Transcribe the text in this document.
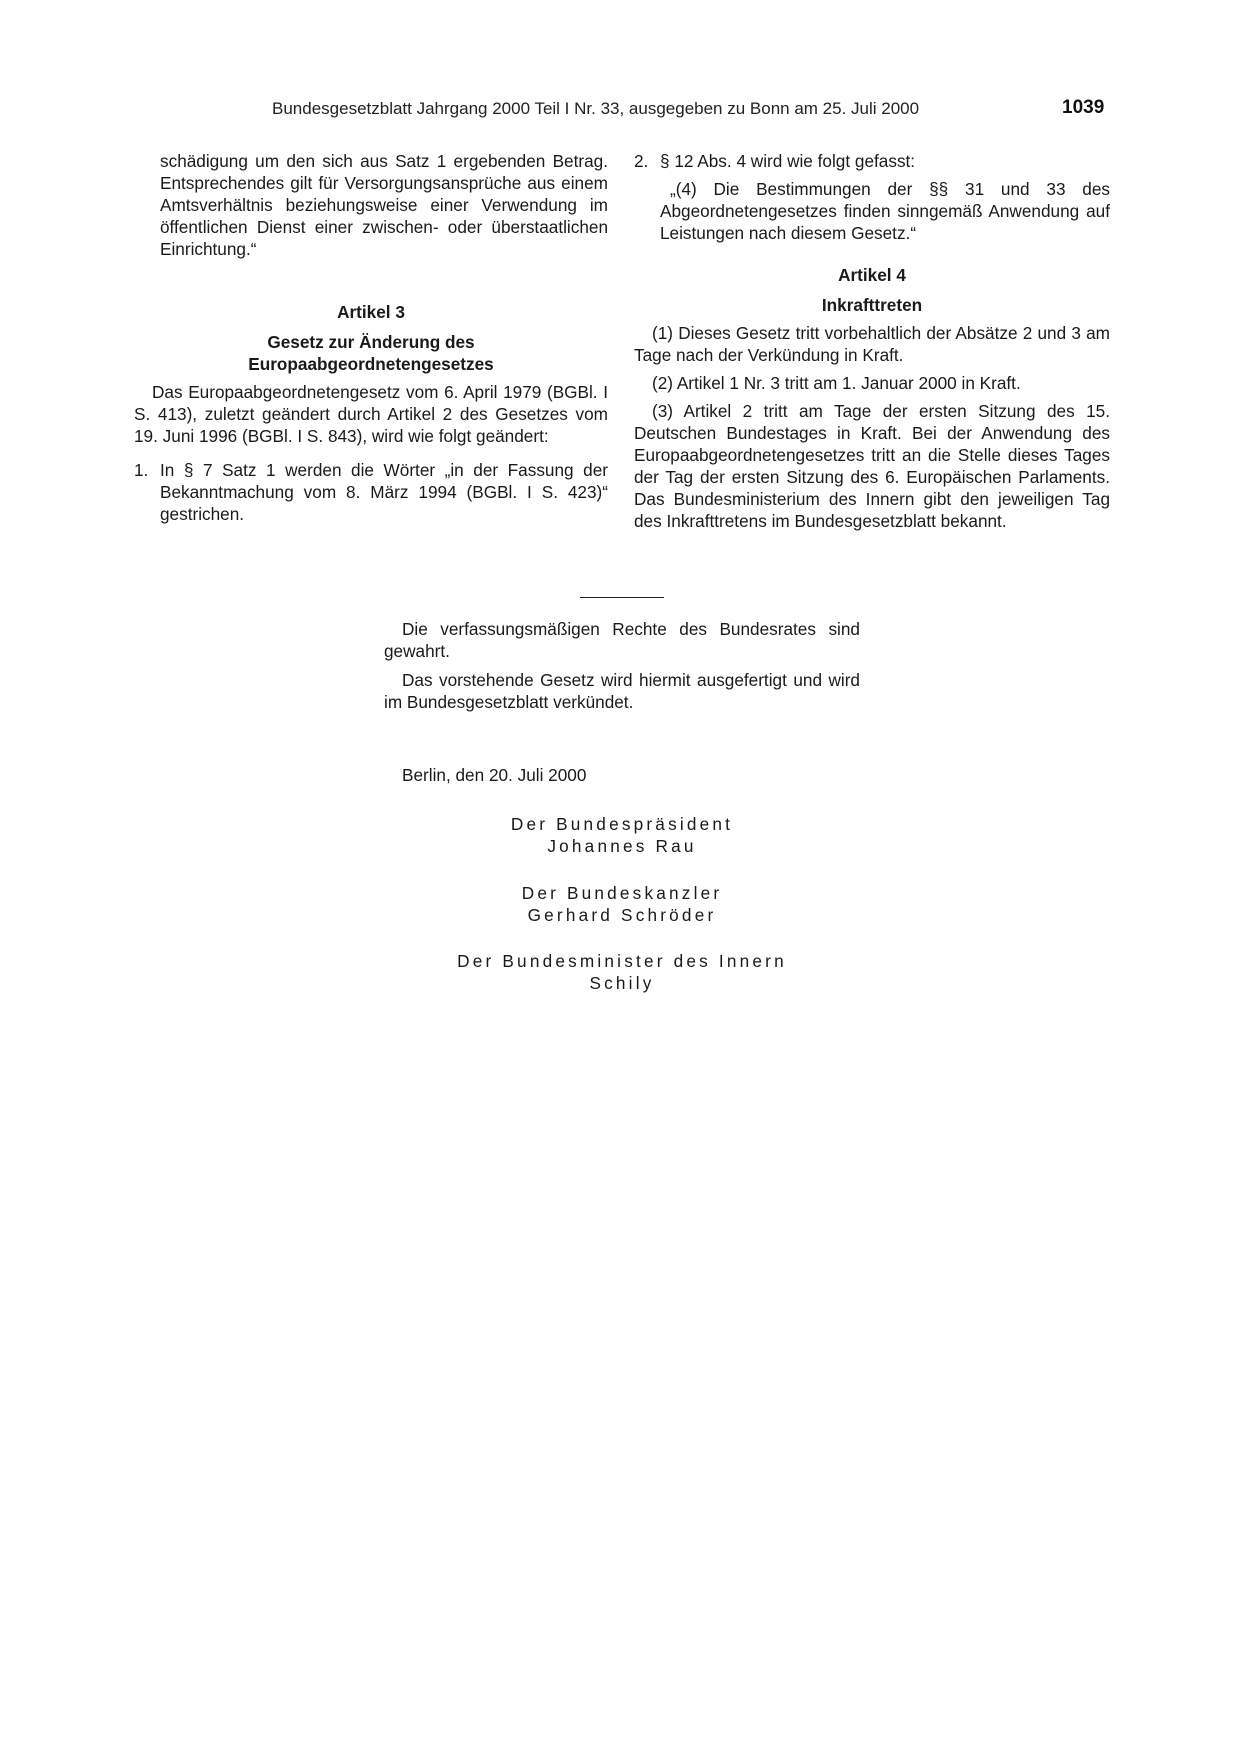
Bundesgesetzblatt Jahrgang 2000 Teil I Nr. 33, ausgegeben zu Bonn am 25. Juli 2000	1039

schädigung um den sich aus Satz 1 ergebenden Betrag. Entsprechendes gilt für Versorgungsansprüche aus einem Amtsverhältnis beziehungsweise einer Verwendung im öffentlichen Dienst einer zwischen- oder überstaatlichen Einrichtung.“

Artikel 3
Gesetz zur Änderung des
Europaabgeordnetengesetzes

Das Europaabgeordnetengesetz vom 6. April 1979 (BGBl. I S. 413), zuletzt geändert durch Artikel 2 des Gesetzes vom 19. Juni 1996 (BGBl. I S. 843), wird wie folgt geändert:

1. In § 7 Satz 1 werden die Wörter „in der Fassung der Bekanntmachung vom 8. März 1994 (BGBl. I S. 423)“ gestrichen.

2. § 12 Abs. 4 wird wie folgt gefasst:

„(4) Die Bestimmungen der §§ 31 und 33 des Abgeordnetengesetzes finden sinngemäß Anwendung auf Leistungen nach diesem Gesetz.“

Artikel 4
Inkrafttreten

(1) Dieses Gesetz tritt vorbehaltlich der Absätze 2 und 3 am Tage nach der Verkündung in Kraft.

(2) Artikel 1 Nr. 3 tritt am 1. Januar 2000 in Kraft.

(3) Artikel 2 tritt am Tage der ersten Sitzung des 15. Deutschen Bundestages in Kraft. Bei der Anwendung des Europaabgeordnetengesetzes tritt an die Stelle dieses Tages der Tag der ersten Sitzung des 6. Europäischen Parlaments. Das Bundesministerium des Innern gibt den jeweiligen Tag des Inkrafttretens im Bundesgesetzblatt bekannt.

Die verfassungsmäßigen Rechte des Bundesrates sind gewahrt.

Das vorstehende Gesetz wird hiermit ausgefertigt und wird im Bundesgesetzblatt verkündet.

Berlin, den 20. Juli 2000
Der Bundespräsident
Johannes Rau
Der Bundeskanzler
Gerhard Schröder
Der Bundesminister des Innern
Schily
